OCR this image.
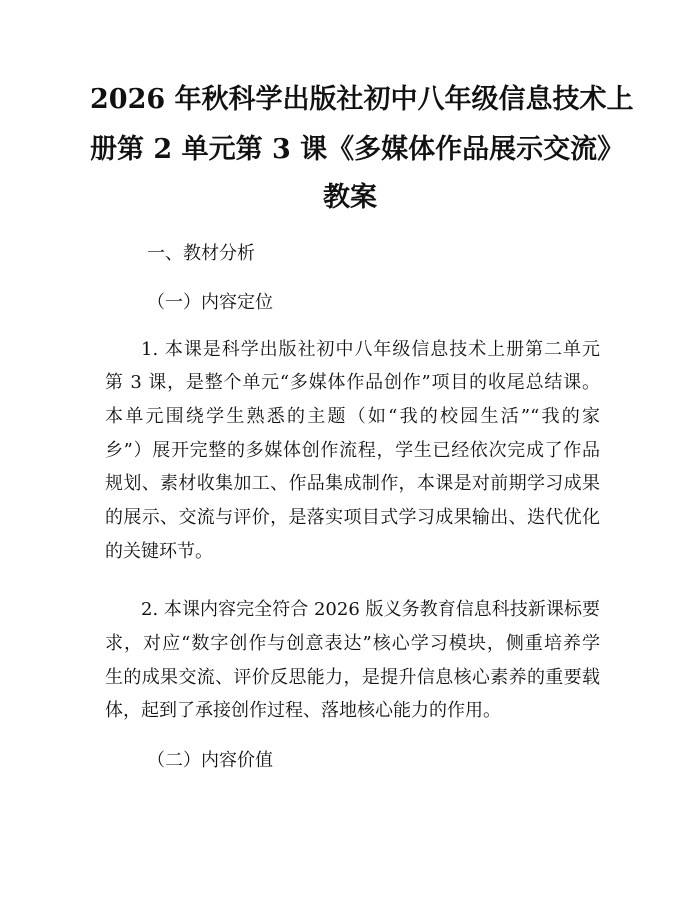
2026 年秋科学出版社初中八年级信息技术上
册第 2 单元第 3 课《多媒体作品展示交流》
教案
一、教材分析
（一）内容定位
1. 本课是科学出版社初中八年级信息技术上册第二单元
第 3 课，是整个单元“多媒体作品创作”项目的收尾总结课。
本单元围绕学生熟悉的主题（如“我的校园生活”“我的家
乡”）展开完整的多媒体创作流程，学生已经依次完成了作品
规划、素材收集加工、作品集成制作，本课是对前期学习成果
的展示、交流与评价，是落实项目式学习成果输出、迭代优化
的关键环节。
2. 本课内容完全符合 2026 版义务教育信息科技新课标要
求，对应“数字创作与创意表达”核心学习模块，侧重培养学
生的成果交流、评价反思能力，是提升信息核心素养的重要载
体，起到了承接创作过程、落地核心能力的作用。
（二）内容价值
